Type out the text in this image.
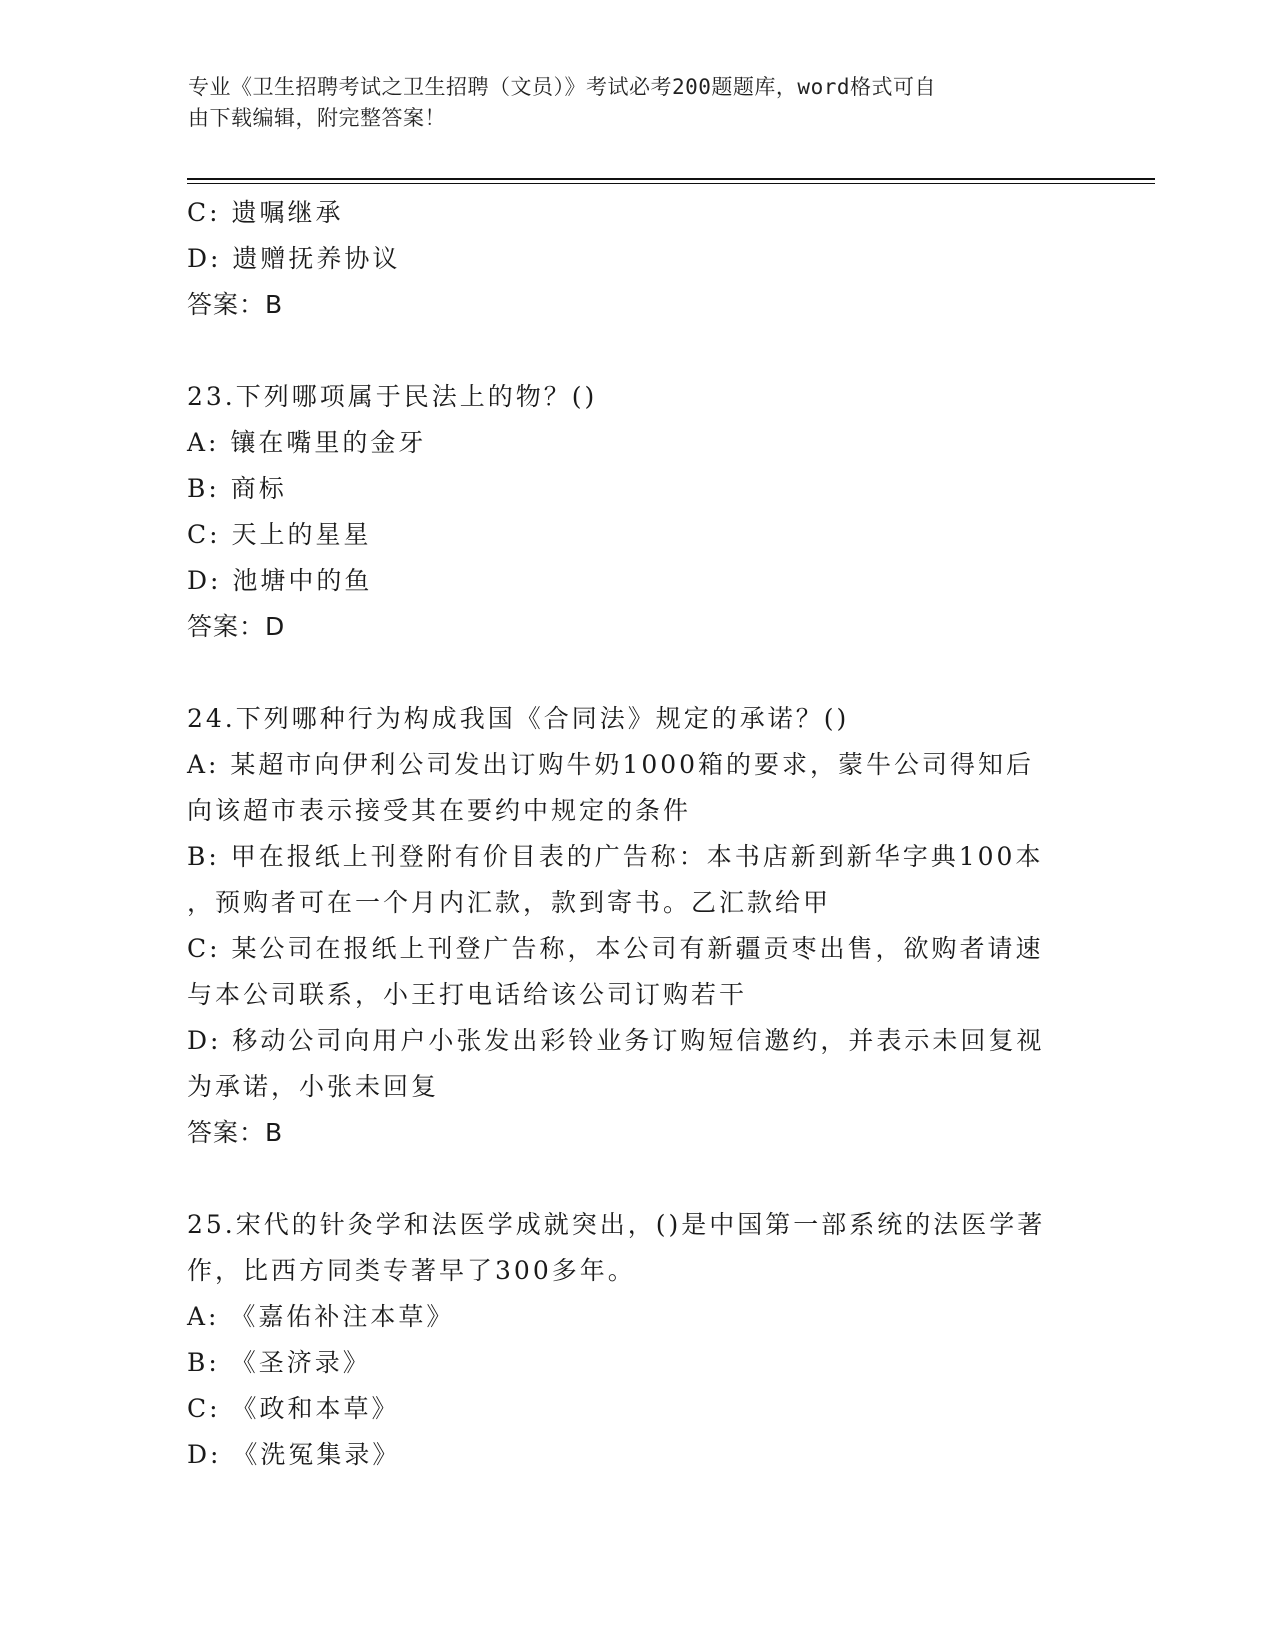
专业《卫生招聘考试之卫生招聘（文员）》考试必考200题题库，word格式可自
由下载编辑，附完整答案！
C: 遗嘱继承
D: 遗赠抚养协议
答案：B
23.下列哪项属于民法上的物？()
A: 镶在嘴里的金牙
B: 商标
C: 天上的星星
D: 池塘中的鱼
答案：D
24.下列哪种行为构成我国《合同法》规定的承诺？()
A: 某超市向伊利公司发出订购牛奶1000箱的要求，蒙牛公司得知后
向该超市表示接受其在要约中规定的条件
B: 甲在报纸上刊登附有价目表的广告称：本书店新到新华字典100本
，预购者可在一个月内汇款，款到寄书。乙汇款给甲
C: 某公司在报纸上刊登广告称，本公司有新疆贡枣出售，欲购者请速
与本公司联系，小王打电话给该公司订购若干
D: 移动公司向用户小张发出彩铃业务订购短信邀约，并表示未回复视
为承诺，小张未回复
答案：B
25.宋代的针灸学和法医学成就突出，()是中国第一部系统的法医学著
作，比西方同类专著早了300多年。
A: 《嘉佑补注本草》
B: 《圣济录》
C: 《政和本草》
D: 《洗冤集录》
